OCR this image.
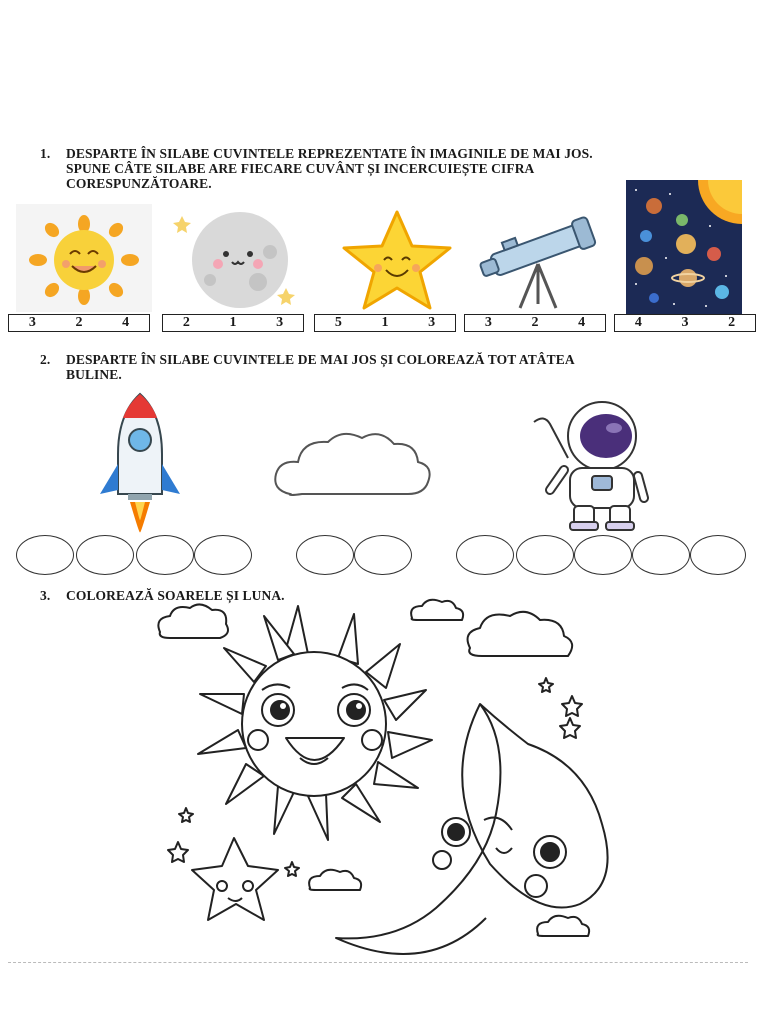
1. DESPARTE ÎN SILABE CUVINTELE REPREZENTATE ÎN IMAGINILE DE MAI JOS.
SPUNE CÂTE SILABE ARE FIECARE CUVÂNT ȘI INCERCUIEȘTE CIFRA
CORESPUNZĂTOARE.
3	2	4	2	1	3	5	1	3	3	2	4	4	3	2
2. DESPARTE ÎN SILABE CUVINTELE DE MAI JOS ȘI COLOREAZĂ TOT ATÂTEA
BULINE.
3. COLOREAZĂ SOARELE ȘI LUNA.
